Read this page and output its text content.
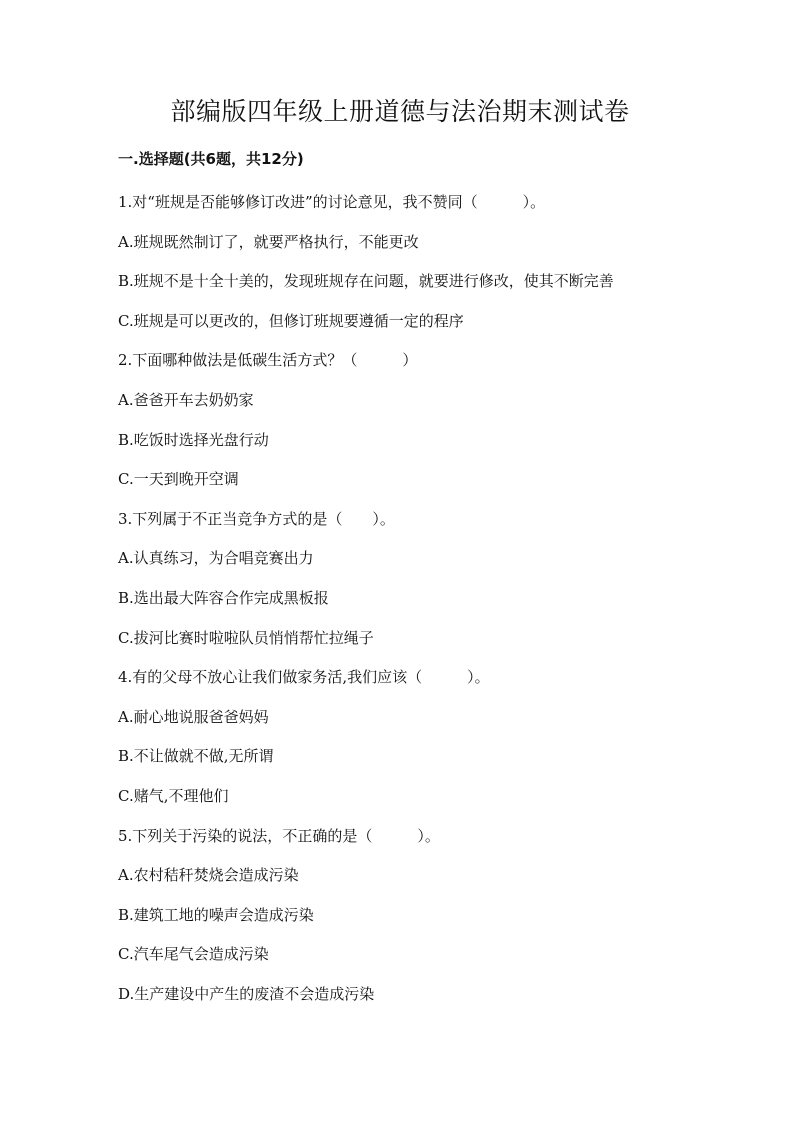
部编版四年级上册道德与法治期末测试卷
一.选择题(共6题，共12分)
1.对“班规是否能够修订改进”的讨论意见，我不赞同（　　　）。
A.班规既然制订了，就要严格执行，不能更改
B.班规不是十全十美的，发现班规存在问题，就要进行修改，使其不断完善
C.班规是可以更改的，但修订班规要遵循一定的程序
2.下面哪种做法是低碳生活方式？（　　　）
A.爸爸开车去奶奶家
B.吃饭时选择光盘行动
C.一天到晚开空调
3.下列属于不正当竞争方式的是（　　）。
A.认真练习，为合唱竞赛出力
B.选出最大阵容合作完成黑板报
C.拔河比赛时啦啦队员悄悄帮忙拉绳子
4.有的父母不放心让我们做家务活,我们应该（　　　）。
A.耐心地说服爸爸妈妈
B.不让做就不做,无所谓
C.赌气,不理他们
5.下列关于污染的说法，不正确的是（　　　）。
A.农村秸秆焚烧会造成污染
B.建筑工地的噪声会造成污染
C.汽车尾气会造成污染
D.生产建设中产生的废渣不会造成污染
